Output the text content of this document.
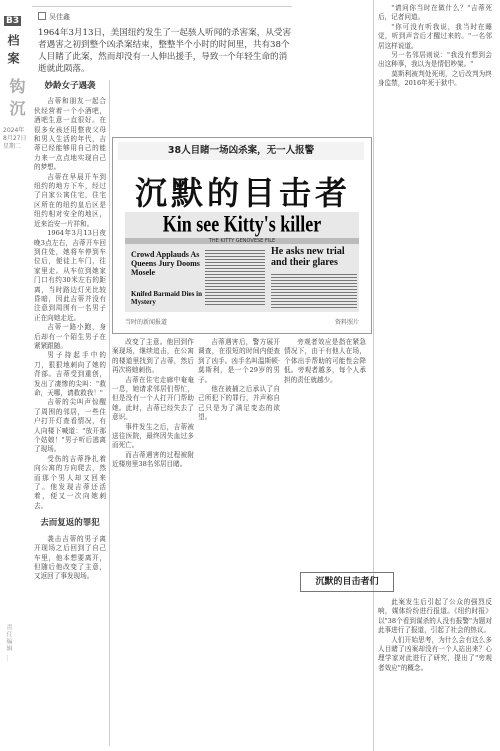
B3
档案
钩沉
2024年
8月27日
星期二
责任编辑 …
吴佳鑫
1964年3月13日，美国纽约发生了一起骇人听闻的杀害案，从受害者遇害之初到整个凶杀案结束，整整半个小时的时间里，共有38个人目睹了此案，然而却没有一人伸出援手，导致一个年轻生命的消逝就此陨落。
妙龄女子遇袭

吉蒂和朋友一起合伙经营着一个小酒吧，酒吧生意一直很好。在很多女孩还用整夜父母和男人生活的年代，吉蒂已经能够用自己的能力来一点点地实现自己的梦想。

吉蒂在早晨开车到纽约的地方下车，经过了自家公寓住宅，住宅区所在的纽约皇后区是纽约相对安全的地区，近来治安一片祥和。

1964年3月13日夜晚3点左右，吉蒂开车回到住处，她将车停到车位后，便徒上车门，往家里走。从车位到她家门口有约30米左右的距离，当时路边灯光比较昏暗，因此吉蒂并没有注意到周围有一名男子正在向她走近。

吉蒂一路小跑，身后却有一个陌生男子在紧紧跟随。

男子持起手中的刀，狠狠地刺向了她的背部。吉蒂受到重创，发出了凄惨的尖叫："救命，天哪，请救救我！"

吉蒂的尖叫声惊醒了周围的邻居，一些住户打开灯查看情况，有人向楼下喊道："放开那个姑娘！"男子听后逃离了现场。

受伤的吉蒂挣扎着向公寓的方向爬去，然而那个男人却又回来了。他发现吉蒂还活着，便又一次向她刺去。

去而复返的罪犯

袭击吉蒂的男子离开现场之后回到了自己车里，他本想要离开，但随后他改变了主意，又返回了事发现场。

38人目睹一场凶杀案，无一人报警
沉默的目击者
Kin see Kitty's killer
THE KITTY GENOVESE FILE
Crowd Applauds As Queens Jury Dooms Mosele
He asks new trial and their glares
Knifed Barmaid Dies in Mystery
当时的新闻报道	资料照片

改变了主意。他回到作案现场，继续追击，在公寓的楼道里找到了吉蒂，然后再次将她刺伤。

吉蒂在住宅走廊中奄奄一息，她请求邻居们帮忙，但是没有一个人打开门帮助她。此时，吉蒂已经失去了意识。

事件发生之后，吉蒂被送往医院，最终因失血过多而死亡。

而吉蒂遇害的过程被附近楼房里38名邻居目睹。

吉蒂遇害后，警方展开调查，在很短的时间内便查到了凶手。凶手名叫温斯顿·莫斯利，是一个29岁的男子。

他在被捕之后承认了自己所犯下的罪行，并声称自己只是为了满足变态的欲望。

旁观者效应是指在紧急情况下，由于有他人在场，个体出手帮助的可能性会降低。旁观者越多，每个人承担的责任就越少。

"请问你当时在做什么？"吉蒂死后，记者问道。

"你可没有听我说，我当时在睡觉，听到声音后才醒过来的。"一名邻居这样说道。

另一名邻居则说："我没有想到会出这种事，我以为是情侣吵架。"

莫斯利被判处死刑，之后改判为终身监禁，2016年死于狱中。

沉默的目击者们

此案发生后引起了公众的强烈反响，媒体纷纷进行报道。《纽约时报》以"38个看到谋杀的人没有报警"为题对此事进行了报道，引起了社会的热议。

人们开始思考，为什么会有这么多人目睹了凶案却没有一个人站出来？心理学家对此进行了研究，提出了"旁观者效应"的概念。
